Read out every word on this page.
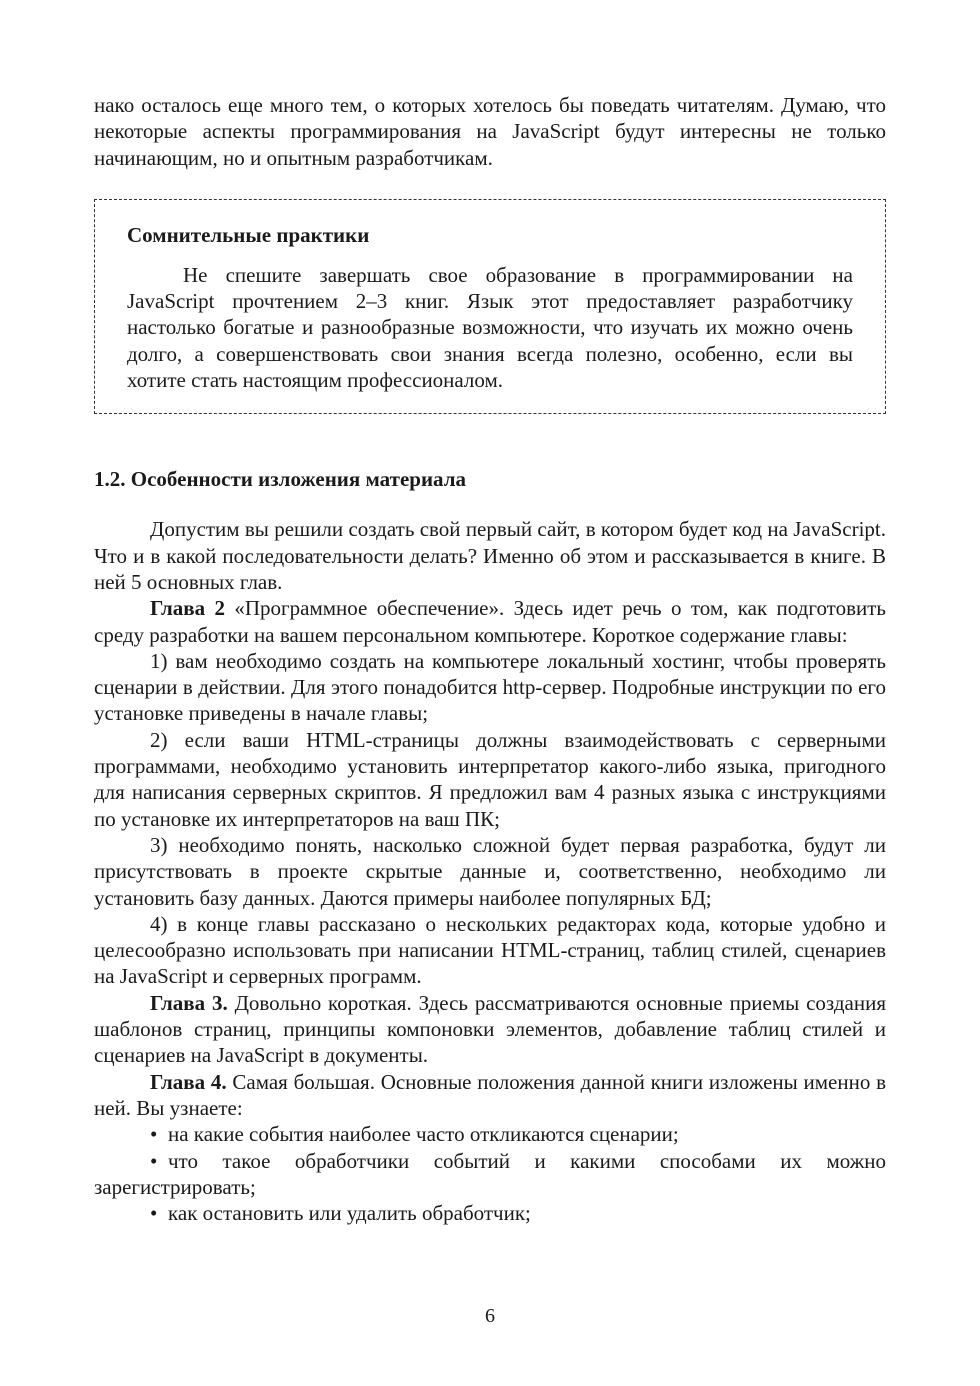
нако осталось еще много тем, о которых хотелось бы поведать читателям. Думаю, что некоторые аспекты программирования на JavaScript будут интересны не только начинающим, но и опытным разработчикам.

Сомнительные практики

Не спешите завершать свое образование в программировании на JavaScript прочтением 2–3 книг. Язык этот предоставляет разработчику настолько богатые и разнообразные возможности, что изучать их можно очень долго, а совершенствовать свои знания всегда полезно, особенно, если вы хотите стать настоящим профессионалом.

1.2. Особенности изложения материала

Допустим вы решили создать свой первый сайт, в котором будет код на JavaScript. Что и в какой последовательности делать? Именно об этом и рассказывается в книге. В ней 5 основных глав.

Глава 2 «Программное обеспечение». Здесь идет речь о том, как подготовить среду разработки на вашем персональном компьютере. Короткое содержание главы:

1) вам необходимо создать на компьютере локальный хостинг, чтобы проверять сценарии в действии. Для этого понадобится http-сервер. Подробные инструкции по его установке приведены в начале главы;

2) если ваши HTML-страницы должны взаимодействовать с серверными программами, необходимо установить интерпретатор какого-либо языка, пригодного для написания серверных скриптов. Я предложил вам 4 разных языка с инструкциями по установке их интерпретаторов на ваш ПК;

3) необходимо понять, насколько сложной будет первая разработка, будут ли присутствовать в проекте скрытые данные и, соответственно, необходимо ли установить базу данных. Даются примеры наиболее популярных БД;

4) в конце главы рассказано о нескольких редакторах кода, которые удобно и целесообразно использовать при написании HTML-страниц, таблиц стилей, сценариев на JavaScript и серверных программ.

Глава 3. Довольно короткая. Здесь рассматриваются основные приемы создания шаблонов страниц, принципы компоновки элементов, добавление таблиц стилей и сценариев на JavaScript в документы.

Глава 4. Самая большая. Основные положения данной книги изложены именно в ней. Вы узнаете:

• на какие события наиболее часто откликаются сценарии;

• что такое обработчики событий и какими способами их можно зарегистрировать;

• как остановить или удалить обработчик;

6
